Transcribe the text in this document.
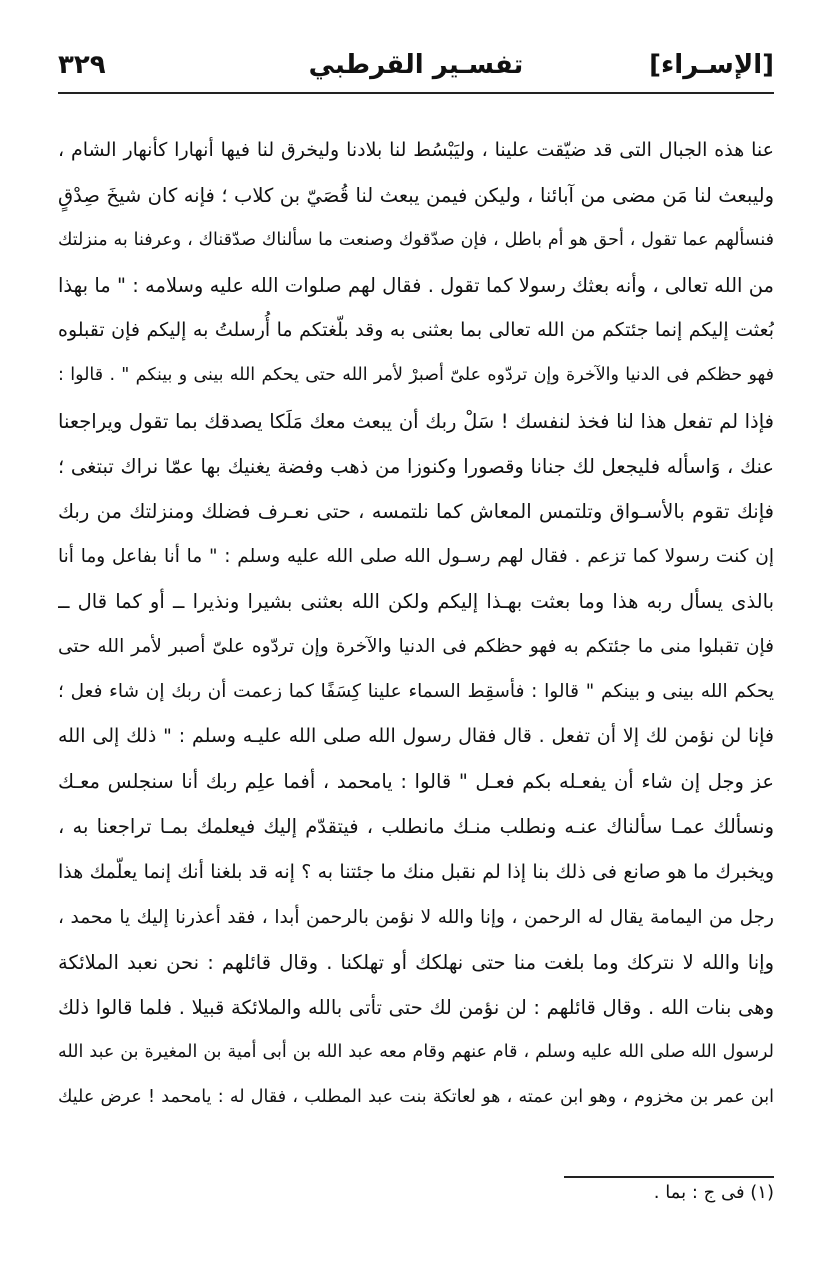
[الإسـراء]
تفسـير القرطبي
٣٢٩
عنا هذه الجبال التى قد ضيّقت علينا ، وليَبْسُط لنا بلادنا وليخرق لنا فيها أنهارا كأنهار الشام ،
وليبعث لنا مَن مضى من آبائنا ، وليكن فيمن يبعث لنا قُصَيّ بن كلاب ؛ فإنه كان شيخَ صِدْقٍ
فنسألهم عما تقول ، أحق هو أم باطل ، فإن صدّقوك وصنعت ما سألناك صدّقناك ، وعرفنا به منزلتك
من الله تعالى ، وأنه بعثك رسولا كما تقول . فقال لهم صلوات الله عليه وسلامه : " ما بهذا
بُعثت إليكم إنما جئتكم من الله تعالى بما بعثنى به وقد بلّغتكم ما أُرسلتُ به إليكم فإن تقبلوه
فهو حظكم فى الدنيا والآخرة وإن تردّوه علىّ أصبرْ لأمر الله حتى يحكم الله بينى و بينكم " . قالوا :
فإذا لم تفعل هذا لنا فخذ لنفسك ! سَلْ ربك أن يبعث معك مَلَكا يصدقك بما تقول ويراجعنا
عنك ، وَاسأله فليجعل لك جنانا وقصورا وكنوزا من ذهب وفضة يغنيك بها عمّا نراك تبتغى ؛
فإنك تقوم بالأسـواق وتلتمس المعاش كما نلتمسه ، حتى نعـرف فضلك ومنزلتك من ربك
إن كنت رسولا كما تزعم . فقال لهم رسـول الله صلى الله عليه وسلم : " ما أنا بفاعل وما أنا
بالذى يسأل ربه هذا وما بعثت بهـذا إليكم ولكن الله بعثنى بشيرا ونذيرا ــ أو كما قال ــ
فإن تقبلوا منى ما جئتكم به فهو حظكم فى الدنيا والآخرة وإن تردّوه علىّ أصبر لأمر الله حتى
يحكم الله بينى و بينكم " قالوا : فأسقِط السماء علينا كِسَفًا كما زعمت أن ربك إن شاء فعل ؛
فإنا لن نؤمن لك إلا أن تفعل . قال فقال رسول الله صلى الله عليـه وسلم : " ذلك إلى الله
عز وجل إن شاء أن يفعـله بكم فعـل " قالوا : يامحمد ، أفما علِم ربك أنا سنجلس معـك
ونسألك عمـا سألناك عنـه ونطلب منـك مانطلب ، فيتقدّم إليك فيعلمك بمـا تراجعنا به ،
ويخبرك ما هو صانع فى ذلك بنا إذا لم نقبل منك ما جئتنا به ؟ إنه قد بلغنا أنك إنما يعلّمك هذا
رجل من اليمامة يقال له الرحمن ، وإنا والله لا نؤمن بالرحمن أبدا ، فقد أعذرنا إليك يا محمد ،
وإنا والله لا نتركك وما بلغت منا حتى نهلكك أو تهلكنا . وقال قائلهم : نحن نعبد الملائكة
وهى بنات الله . وقال قائلهم : لن نؤمن لك حتى تأتى بالله والملائكة قبيلا . فلما قالوا ذلك
لرسول الله صلى الله عليه وسلم ، قام عنهم وقام معه عبد الله بن أبى أمية بن المغيرة بن عبد الله
ابن عمر بن مخزوم ، وهو ابن عمته ، هو لعاتكة بنت عبد المطلب ، فقال له : يامحمد ! عرض عليك
(١) فى ج : بما .
